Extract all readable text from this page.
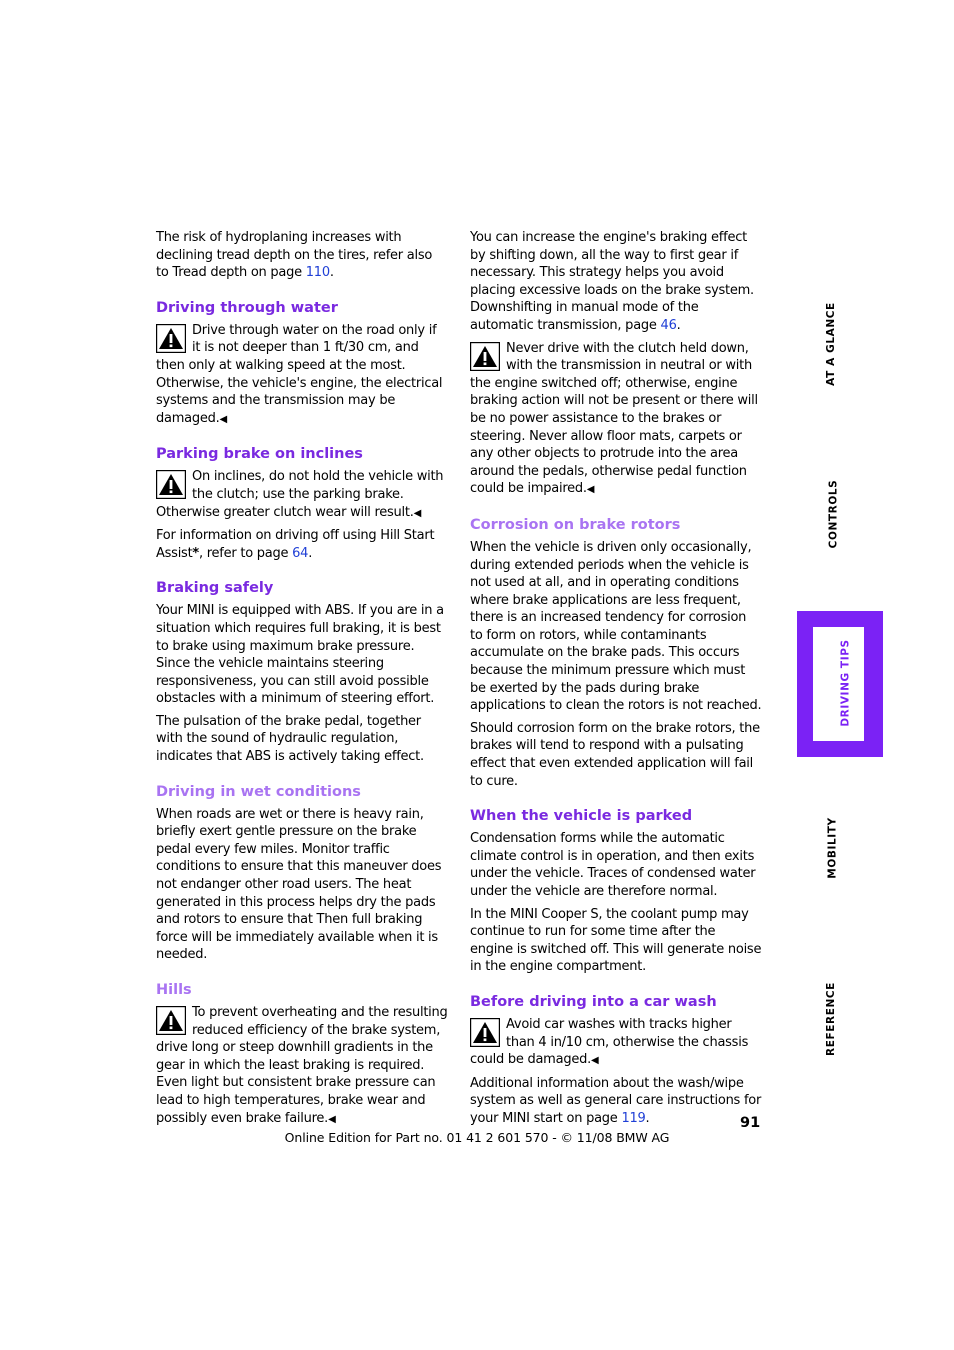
The risk of hydroplaning increases with declining tread depth on the tires, refer also to Tread depth on page 110.

Driving through water

Drive through water on the road only if it is not deeper than 1 ft/30 cm, and then only at walking speed at the most. Otherwise, the vehicle's engine, the electrical systems and the transmission may be damaged.◀

Parking brake on inclines

On inclines, do not hold the vehicle with the clutch; use the parking brake. Otherwise greater clutch wear will result.◀

For information on driving off using Hill Start Assist*, refer to page 64.

Braking safely

Your MINI is equipped with ABS. If you are in a situation which requires full braking, it is best to brake using maximum brake pressure. Since the vehicle maintains steering responsiveness, you can still avoid possible obstacles with a minimum of steering effort.

The pulsation of the brake pedal, together with the sound of hydraulic regulation, indicates that ABS is actively taking effect.

Driving in wet conditions

When roads are wet or there is heavy rain, briefly exert gentle pressure on the brake pedal every few miles. Monitor traffic conditions to ensure that this maneuver does not endanger other road users. The heat generated in this process helps dry the pads and rotors to ensure that Then full braking force will be immediately available when it is needed.

Hills

To prevent overheating and the resulting reduced efficiency of the brake system, drive long or steep downhill gradients in the gear in which the least braking is required. Even light but consistent brake pressure can lead to high temperatures, brake wear and possibly even brake failure.◀

You can increase the engine's braking effect by shifting down, all the way to first gear if necessary. This strategy helps you avoid placing excessive loads on the brake system. Downshifting in manual mode of the automatic transmission, page 46.

Never drive with the clutch held down, with the transmission in neutral or with the engine switched off; otherwise, engine braking action will not be present or there will be no power assistance to the brakes or steering. Never allow floor mats, carpets or any other objects to protrude into the area around the pedals, otherwise pedal function could be impaired.◀

Corrosion on brake rotors

When the vehicle is driven only occasionally, during extended periods when the vehicle is not used at all, and in operating conditions where brake applications are less frequent, there is an increased tendency for corrosion to form on rotors, while contaminants accumulate on the brake pads. This occurs because the minimum pressure which must be exerted by the pads during brake applications to clean the rotors is not reached.

Should corrosion form on the brake rotors, the brakes will tend to respond with a pulsating effect that even extended application will fail to cure.

When the vehicle is parked

Condensation forms while the automatic climate control is in operation, and then exits under the vehicle. Traces of condensed water under the vehicle are therefore normal.

In the MINI Cooper S, the coolant pump may continue to run for some time after the engine is switched off. This will generate noise in the engine compartment.

Before driving into a car wash

Avoid car washes with tracks higher than 4 in/10 cm, otherwise the chassis could be damaged.◀

Additional information about the wash/wipe system as well as general care instructions for your MINI start on page 119.

AT A GLANCE
CONTROLS
DRIVING TIPS
MOBILITY
REFERENCE
91
Online Edition for Part no. 01 41 2 601 570 - © 11/08 BMW AG
